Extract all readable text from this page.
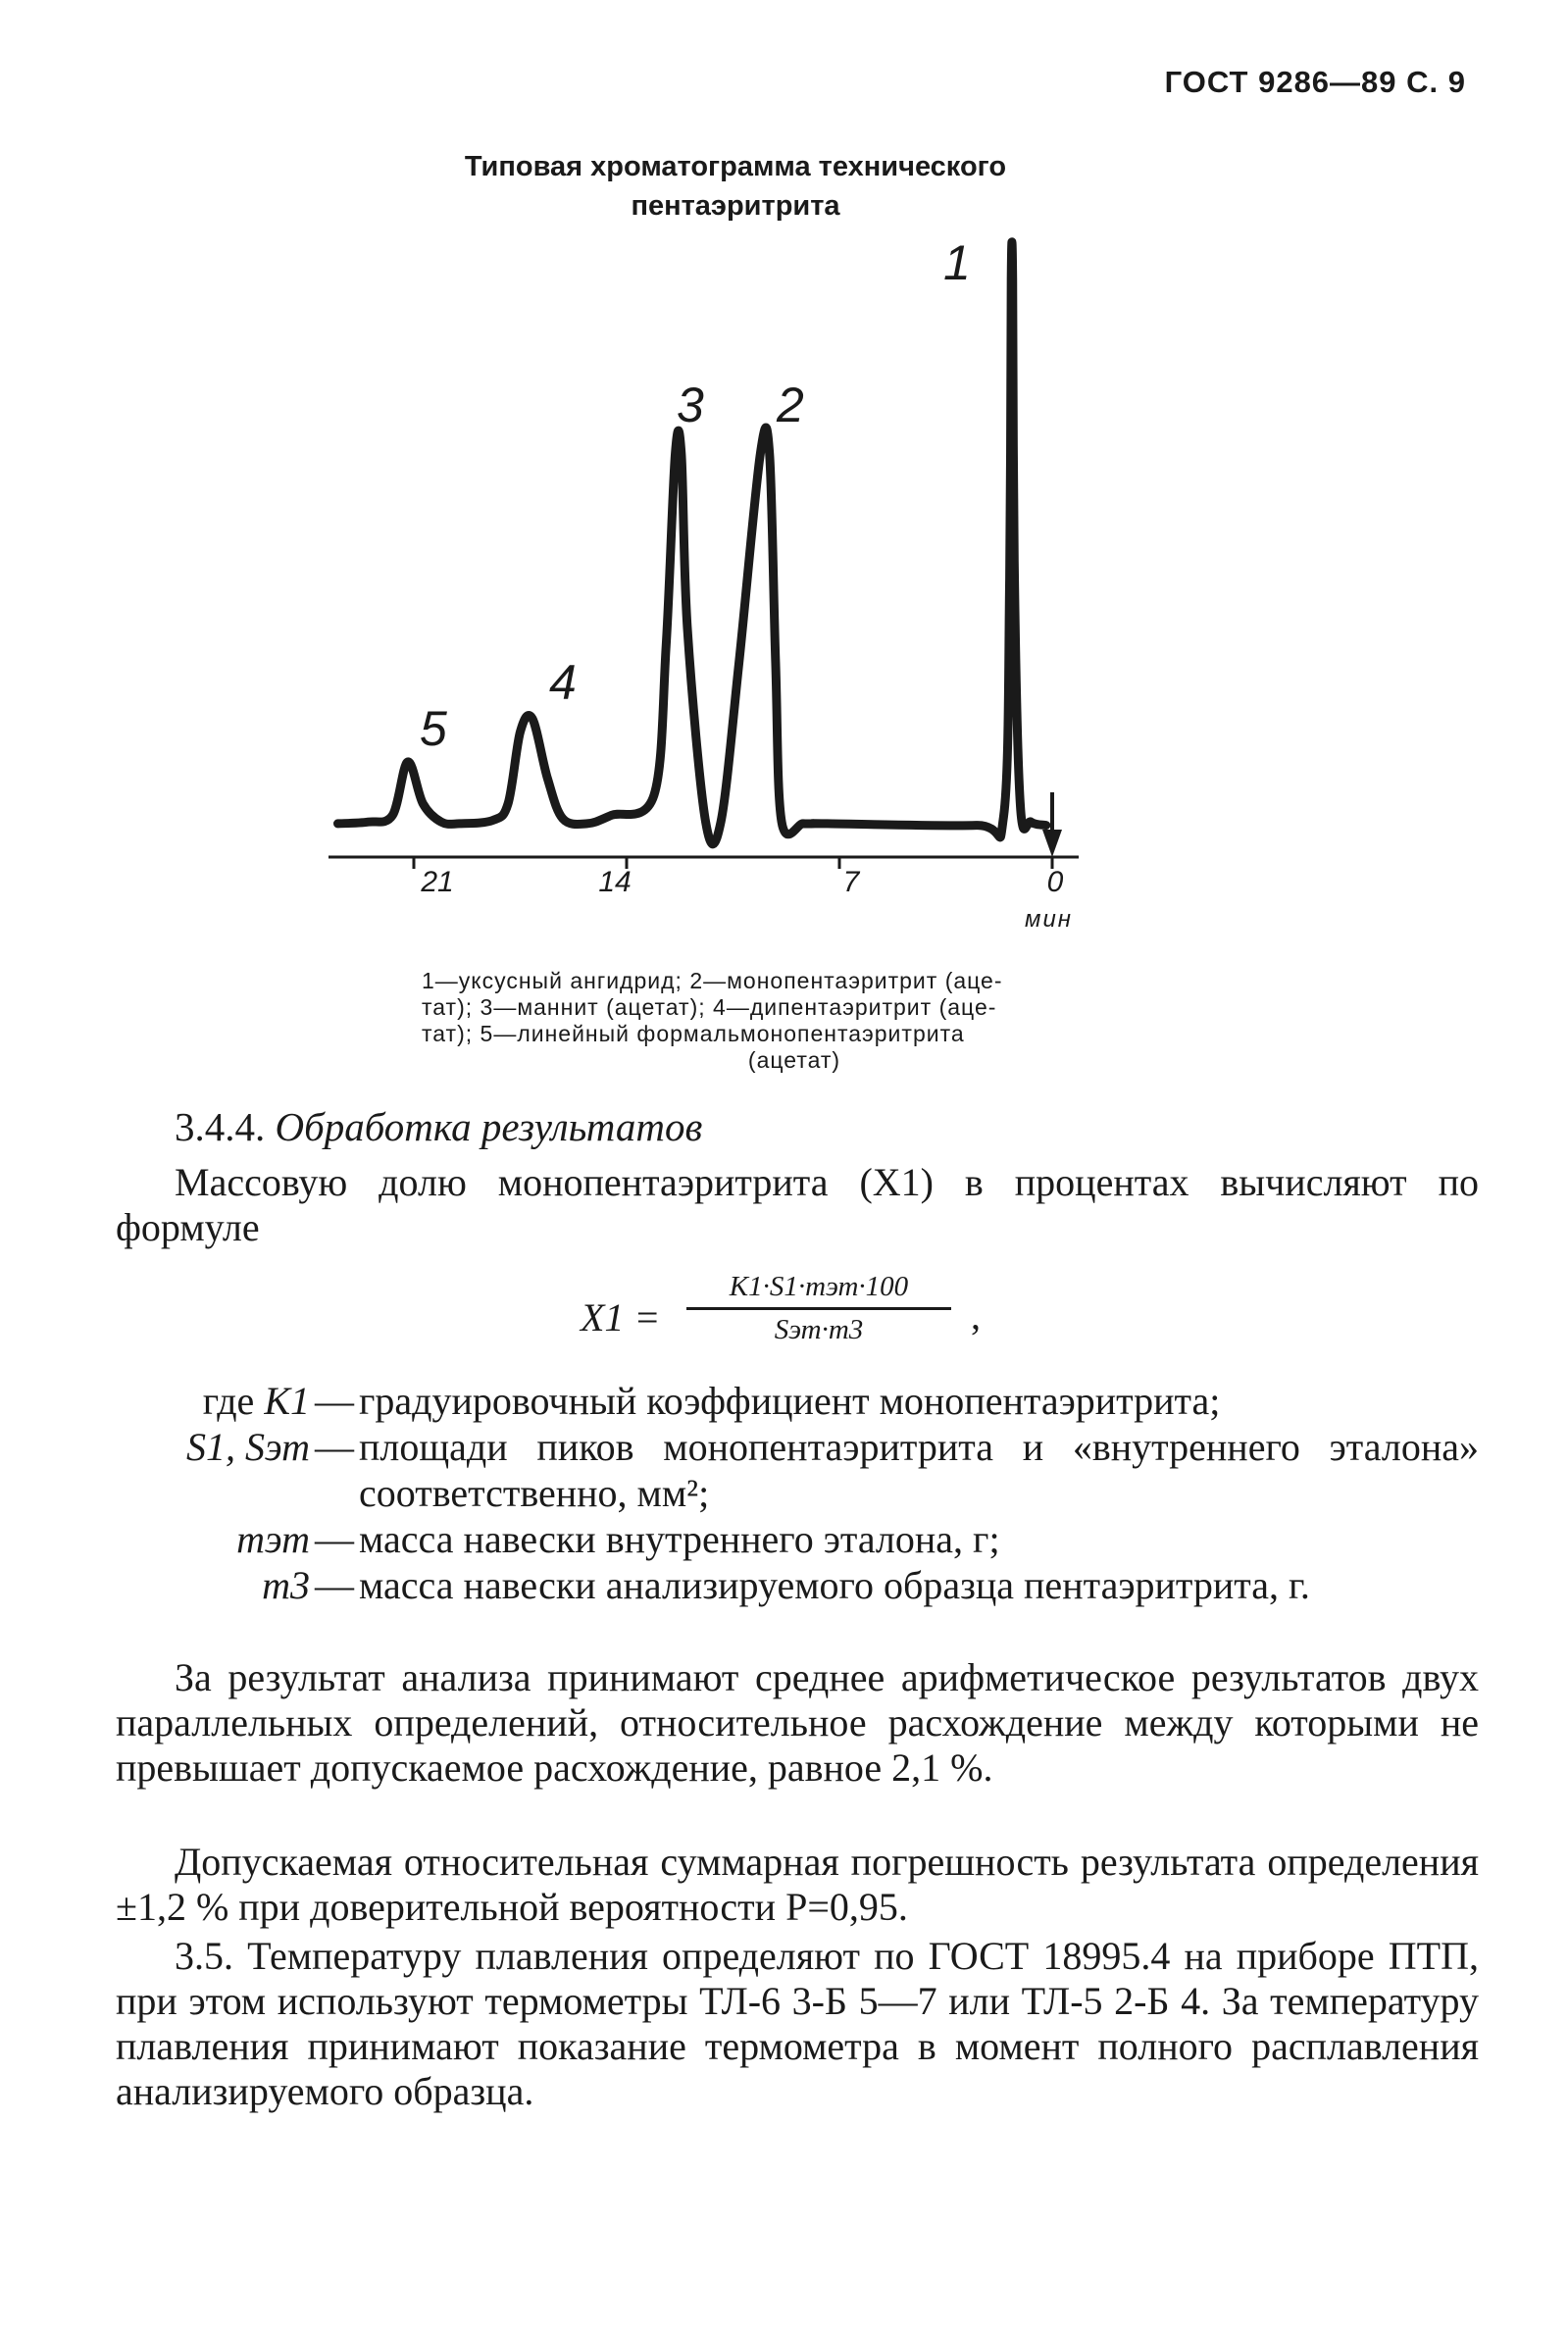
ГОСТ 9286—89 С. 9
Типовая хроматограмма технического
пентаэритрита
1
2
3
4
5
21	14	7	0
мин
1—уксусный ангидрид; 2—монопентаэритрит (аце-
тат); 3—маннит (ацетат); 4—дипентаэритрит (аце-
тат); 5—линейный формальмонопентаэритрита
(ацетат)
3.4.4. Обработка результатов
Массовую долю монопентаэритрита (X1) в процентах вычисляют по формуле
X1 =
K1·S1·mэт·100
Sэт·m3	,
где K1 — градуировочный коэффициент монопентаэритрита;
S1, Sэт — площади пиков монопентаэритрита и «внутреннего эталона» соответственно, мм²;
mэт — масса навески внутреннего эталона, г;
m3 — масса навески анализируемого образца пентаэритрита, г.
За результат анализа принимают среднее арифметическое результатов двух параллельных определений, относительное расхождение между которыми не превышает допускаемое расхождение, равное 2,1 %.
Допускаемая относительная суммарная погрешность результата определения ±1,2 % при доверительной вероятности P=0,95.
3.5. Температуру плавления определяют по ГОСТ 18995.4 на приборе ПТП, при этом используют термометры ТЛ-6 3-Б 5—7 или ТЛ-5 2-Б 4. За температуру плавления принимают показание термометра в момент полного расплавления анализируемого образца.
